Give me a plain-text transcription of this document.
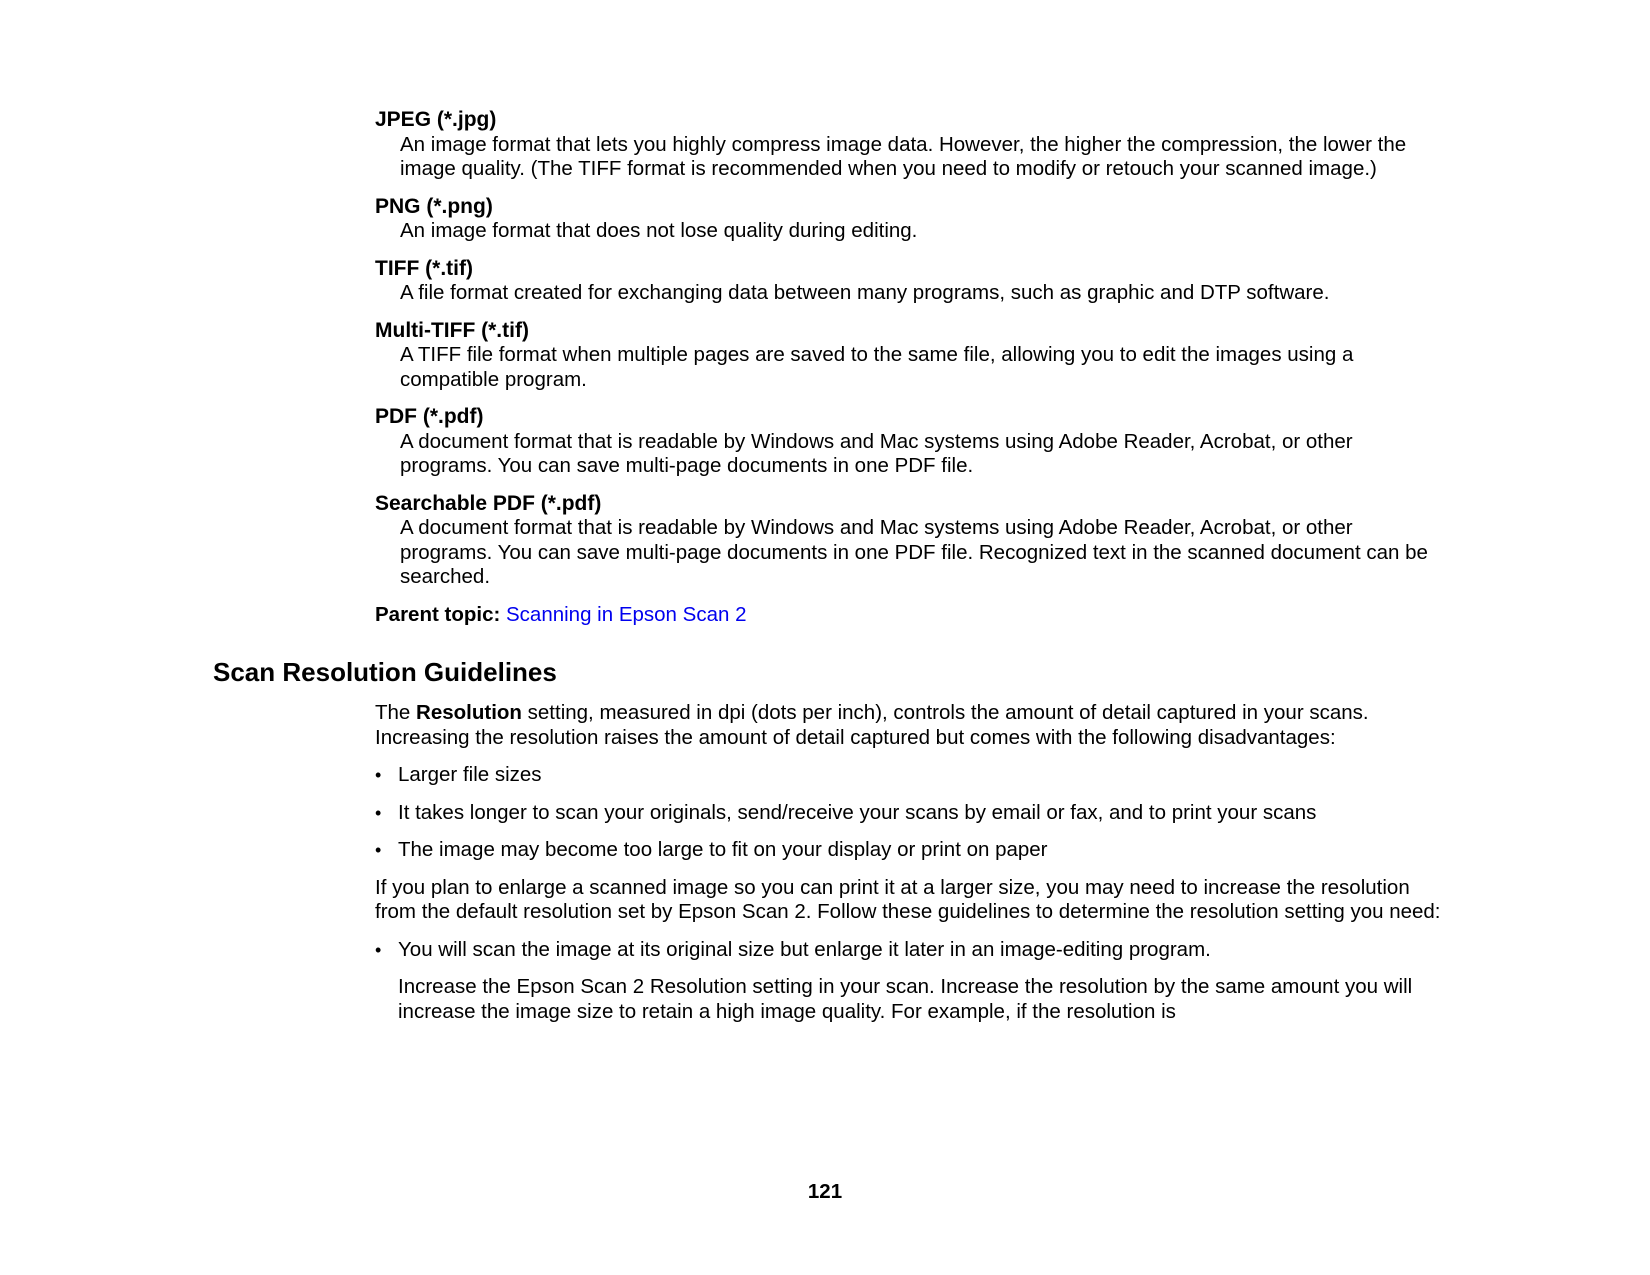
JPEG (*.jpg)

An image format that lets you highly compress image data. However, the higher the compression, the lower the image quality. (The TIFF format is recommended when you need to modify or retouch your scanned image.)

PNG (*.png)

An image format that does not lose quality during editing.

TIFF (*.tif)

A file format created for exchanging data between many programs, such as graphic and DTP software.

Multi-TIFF (*.tif)

A TIFF file format when multiple pages are saved to the same file, allowing you to edit the images using a compatible program.

PDF (*.pdf)

A document format that is readable by Windows and Mac systems using Adobe Reader, Acrobat, or other programs. You can save multi-page documents in one PDF file.

Searchable PDF (*.pdf)

A document format that is readable by Windows and Mac systems using Adobe Reader, Acrobat, or other programs. You can save multi-page documents in one PDF file. Recognized text in the scanned document can be searched.

Parent topic: Scanning in Epson Scan 2

Scan Resolution Guidelines

The Resolution setting, measured in dpi (dots per inch), controls the amount of detail captured in your scans. Increasing the resolution raises the amount of detail captured but comes with the following disadvantages:

• Larger file sizes
• It takes longer to scan your originals, send/receive your scans by email or fax, and to print your scans
• The image may become too large to fit on your display or print on paper

If you plan to enlarge a scanned image so you can print it at a larger size, you may need to increase the resolution from the default resolution set by Epson Scan 2. Follow these guidelines to determine the resolution setting you need:

• You will scan the image at its original size but enlarge it later in an image-editing program.

Increase the Epson Scan 2 Resolution setting in your scan. Increase the resolution by the same amount you will increase the image size to retain a high image quality. For example, if the resolution is

121
